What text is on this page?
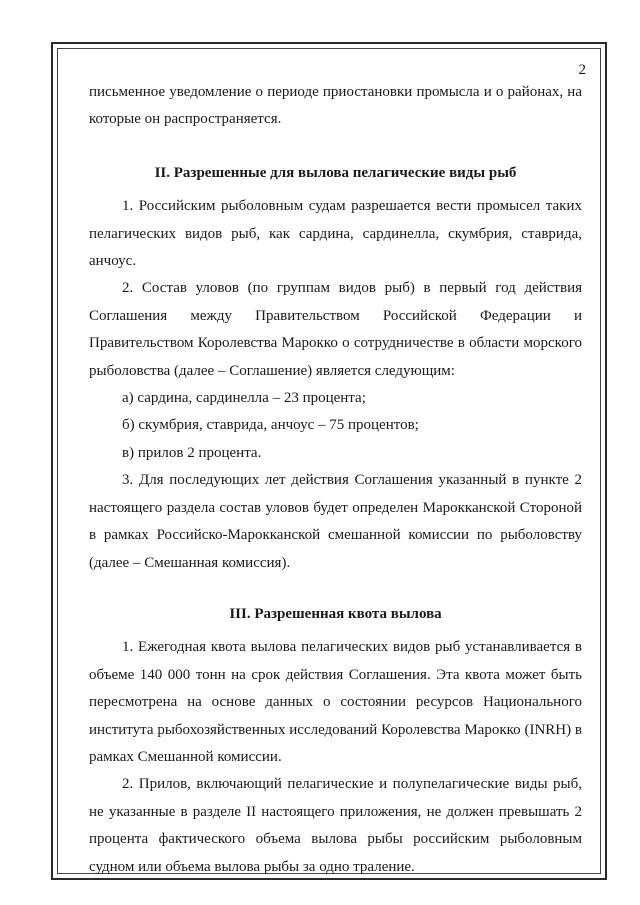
2

письменное уведомление о периоде приостановки промысла и о районах, на которые он распространяется.

II. Разрешенные для вылова пелагические виды рыб

1. Российским рыболовным судам разрешается вести промысел таких пелагических видов рыб, как сардина, сардинелла, скумбрия, ставрида, анчоус.

2. Состав уловов (по группам видов рыб) в первый год действия Соглашения между Правительством Российской Федерации и Правительством Королевства Марокко о сотрудничестве в области морского рыболовства (далее – Соглашение) является следующим:

а) сардина, сардинелла – 23 процента;

б) скумбрия, ставрида, анчоус – 75 процентов;

в) прилов 2 процента.

3. Для последующих лет действия Соглашения указанный в пункте 2 настоящего раздела состав уловов будет определен Марокканской Стороной в рамках Российско-Марокканской смешанной комиссии по рыболовству (далее – Смешанная комиссия).

III. Разрешенная квота вылова

1. Ежегодная квота вылова пелагических видов рыб устанавливается в объеме 140 000 тонн на срок действия Соглашения. Эта квота может быть пересмотрена на основе данных о состоянии ресурсов Национального института рыбохозяйственных исследований Королевства Марокко (INRH) в рамках Смешанной комиссии.

2. Прилов, включающий пелагические и полупелагические виды рыб, не указанные в разделе II настоящего приложения, не должен превышать 2 процента фактического объема вылова рыбы российским рыболовным судном или объема вылова рыбы за одно траление.
